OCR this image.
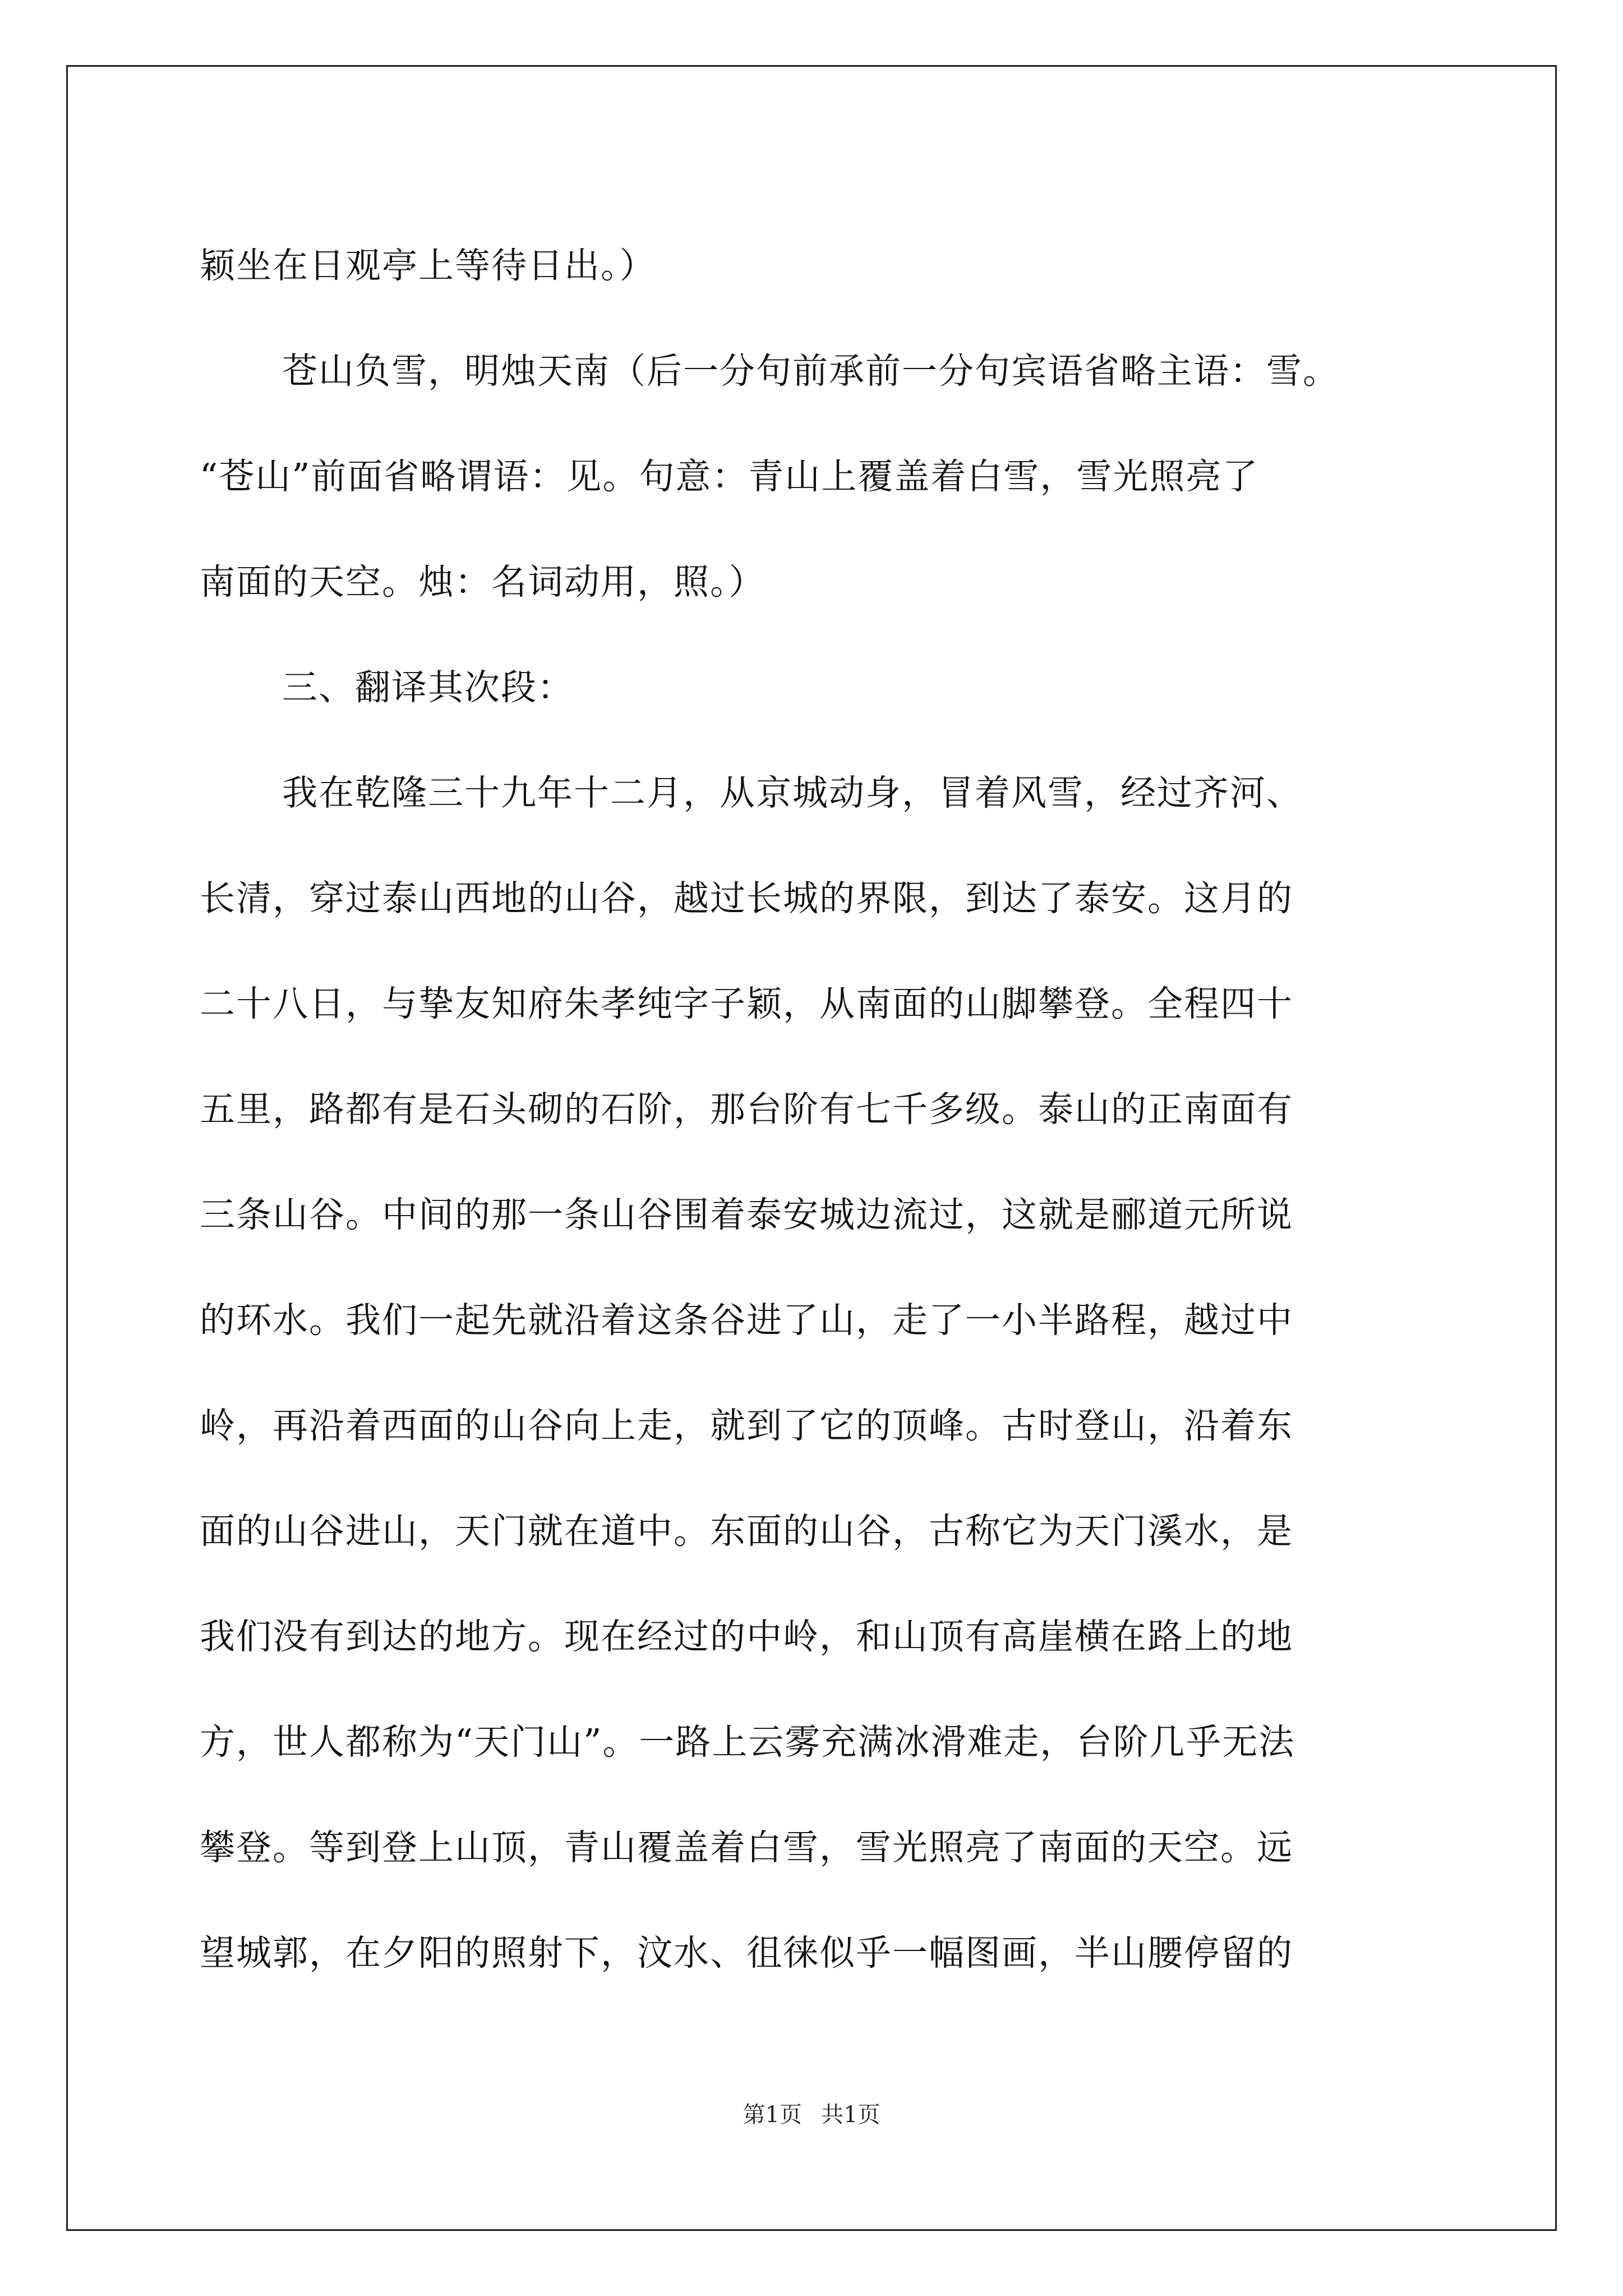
颖坐在日观亭上等待日出。）

苍山负雪，明烛天南（后一分句前承前一分句宾语省略主语：雪。

“苍山”前面省略谓语：见。句意：青山上覆盖着白雪，雪光照亮了

南面的天空。烛：名词动用，照。）

三、翻译其次段：

我在乾隆三十九年十二月，从京城动身，冒着风雪，经过齐河、

长清，穿过泰山西地的山谷，越过长城的界限，到达了泰安。这月的

二十八日，与挚友知府朱孝纯字子颖，从南面的山脚攀登。全程四十

五里，路都有是石头砌的石阶，那台阶有七千多级。泰山的正南面有

三条山谷。中间的那一条山谷围着泰安城边流过，这就是郦道元所说

的环水。我们一起先就沿着这条谷进了山，走了一小半路程，越过中

岭，再沿着西面的山谷向上走，就到了它的顶峰。古时登山，沿着东

面的山谷进山，天门就在道中。东面的山谷，古称它为天门溪水，是

我们没有到达的地方。现在经过的中岭，和山顶有高崖横在路上的地

方，世人都称为“天门山”。一路上云雾充满冰滑难走，台阶几乎无法

攀登。等到登上山顶，青山覆盖着白雪，雪光照亮了南面的天空。远

望城郭，在夕阳的照射下，汶水、徂徕似乎一幅图画，半山腰停留的

第1页 共1页
